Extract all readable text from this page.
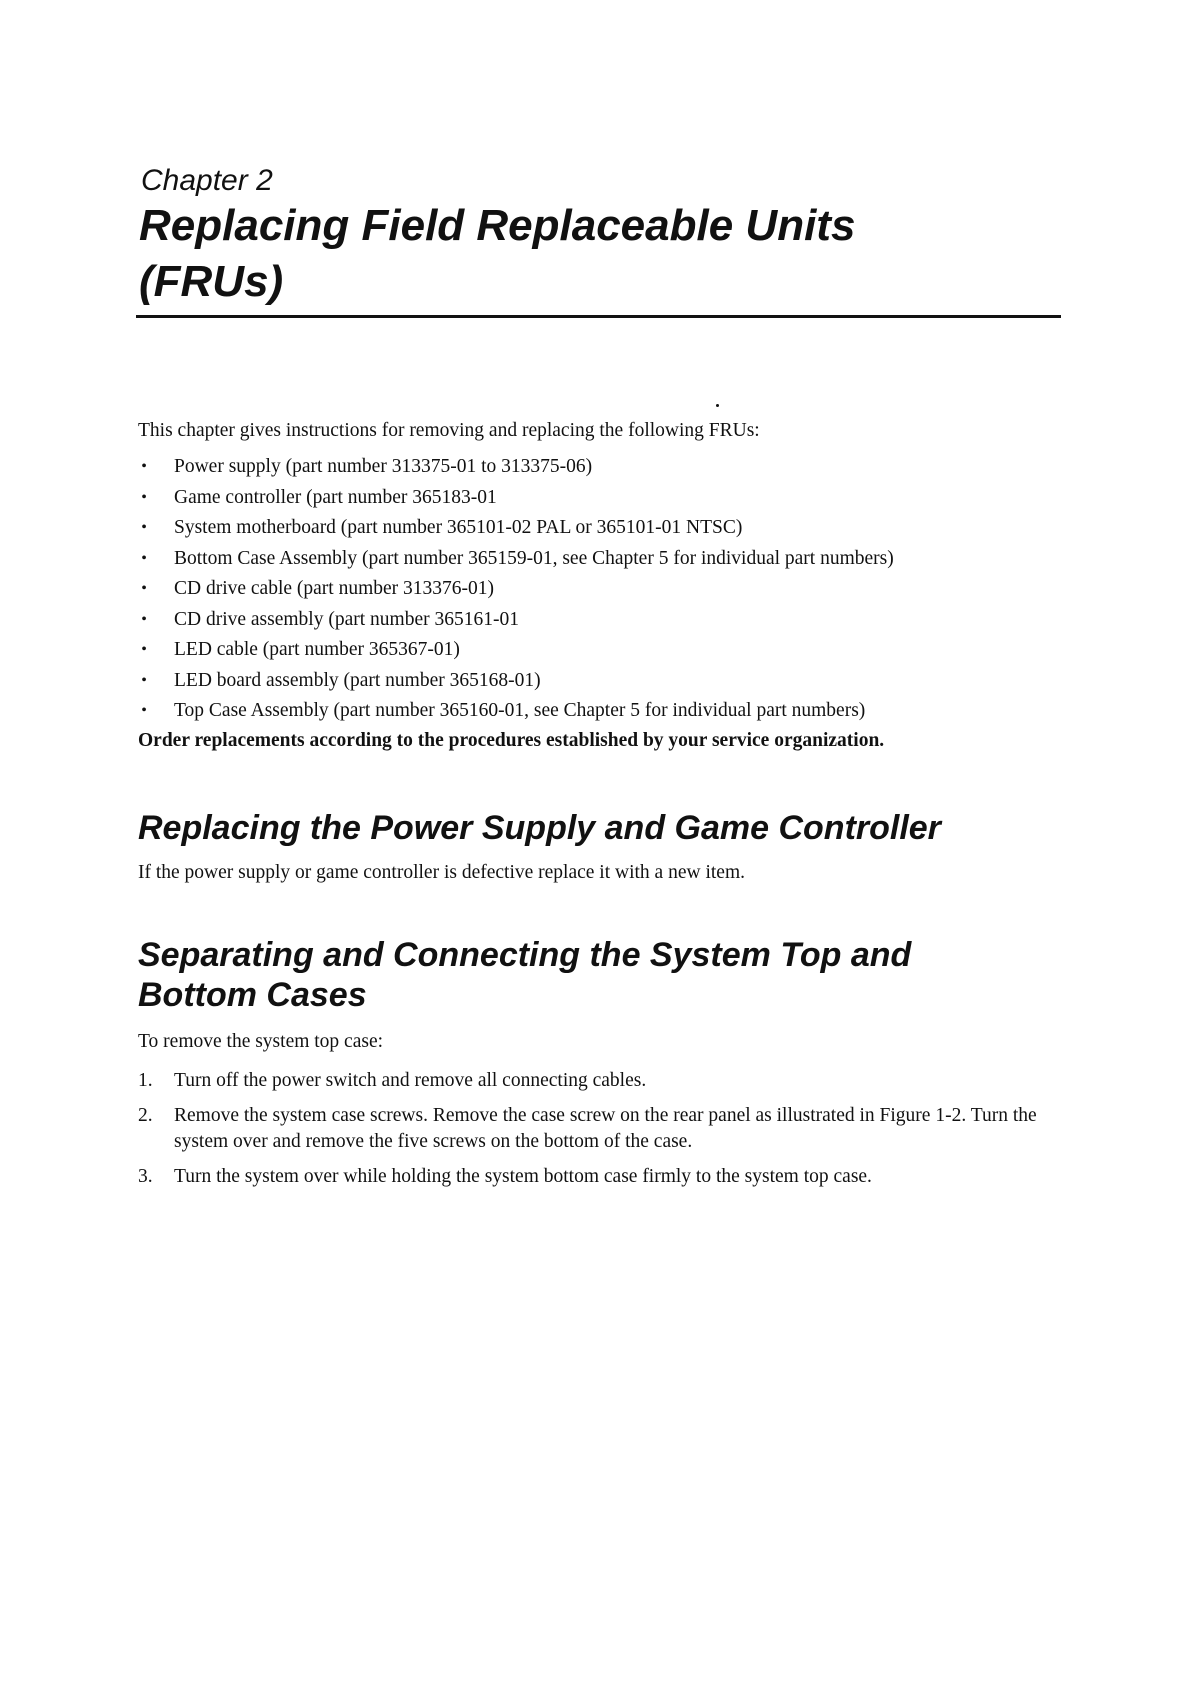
Chapter 2
Replacing Field Replaceable Units
(FRUs)

This chapter gives instructions for removing and replacing the following FRUs:

• Power supply (part number 313375-01 to 313375-06)
• Game controller (part number 365183-01
• System motherboard (part number 365101-02 PAL or 365101-01 NTSC)
• Bottom Case Assembly (part number 365159-01, see Chapter 5 for individual part numbers)
• CD drive cable (part number 313376-01)
• CD drive assembly (part number 365161-01
• LED cable (part number 365367-01)
• LED board assembly (part number 365168-01)
• Top Case Assembly (part number 365160-01, see Chapter 5 for individual part numbers)

Order replacements according to the procedures established by your service organization.

Replacing the Power Supply and Game Controller

If the power supply or game controller is defective replace it with a new item.

Separating and Connecting the System Top and
Bottom Cases

To remove the system top case:

1. Turn off the power switch and remove all connecting cables.
2. Remove the system case screws. Remove the case screw on the rear panel as illustrated in Figure 1-2. Turn the system over and remove the five screws on the bottom of the case.
3. Turn the system over while holding the system bottom case firmly to the system top case.
